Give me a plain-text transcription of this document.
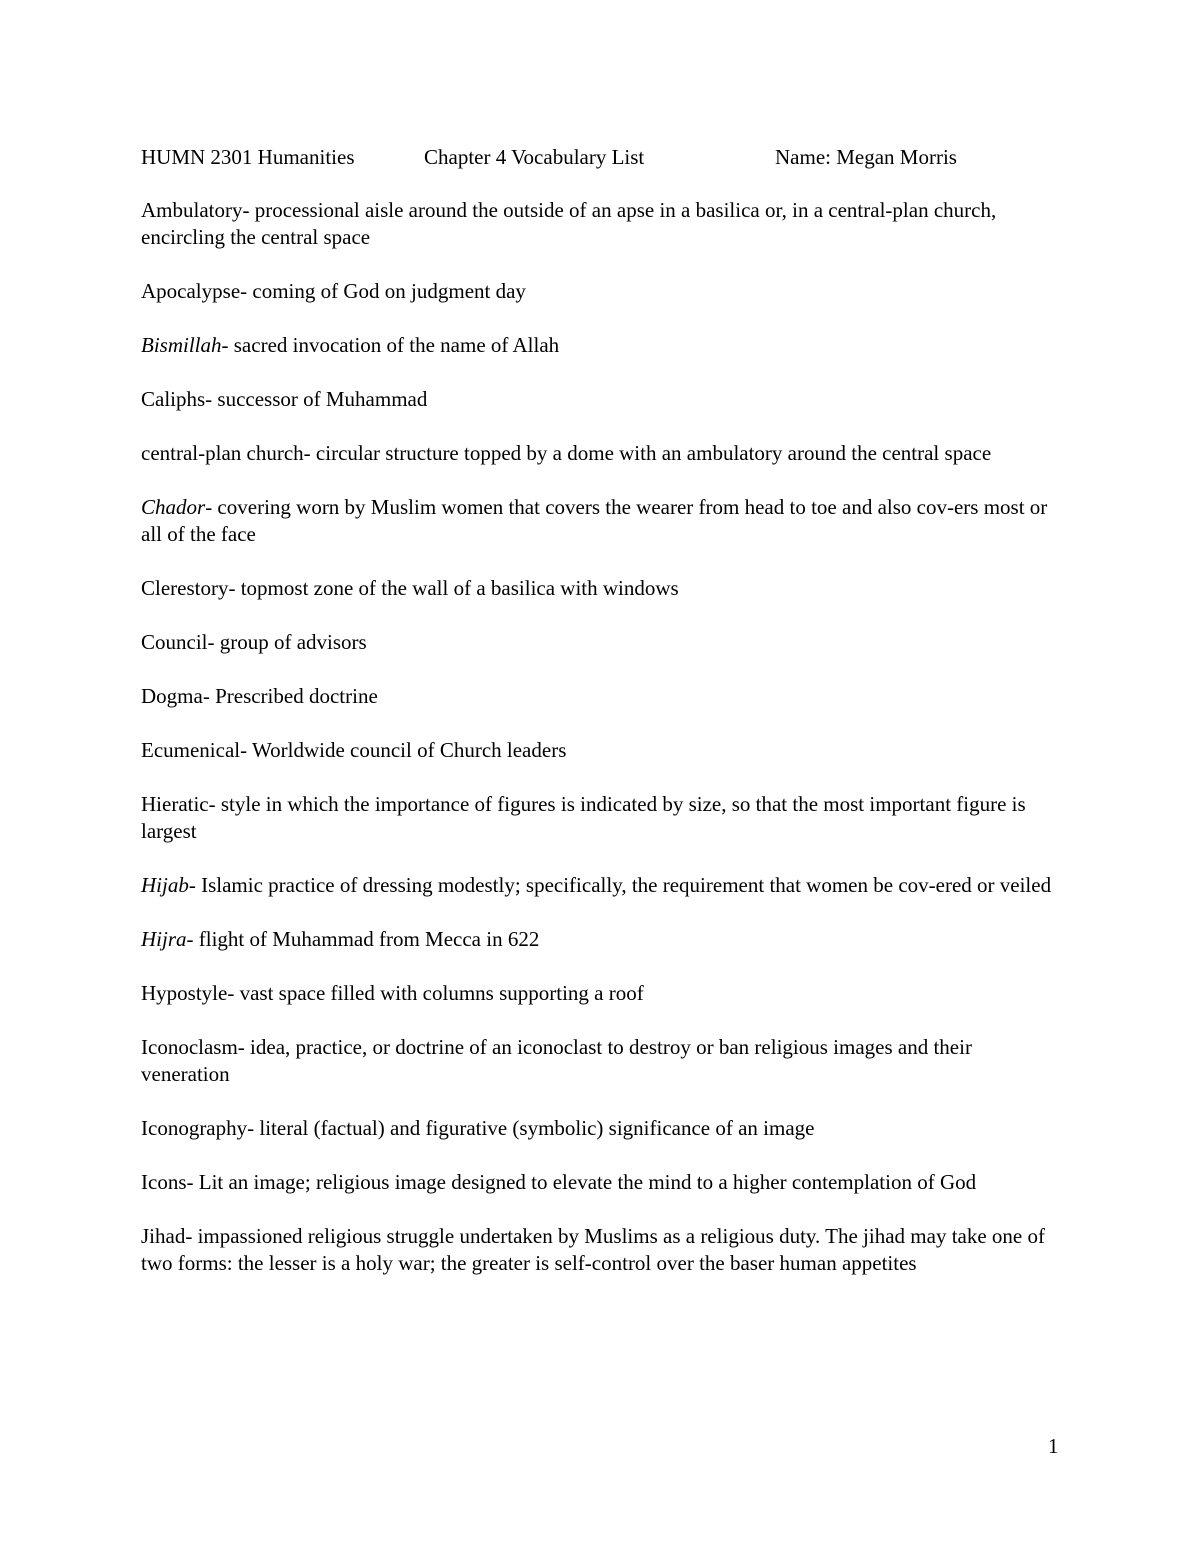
HUMN 2301 Humanities	Chapter 4 Vocabulary List	Name: Megan Morris

Ambulatory- processional aisle around the outside of an apse in a basilica or, in a central-plan church, encircling the central space

Apocalypse- coming of God on judgment day

Bismillah- sacred invocation of the name of Allah

Caliphs- successor of Muhammad

central-plan church- circular structure topped by a dome with an ambulatory around the central space

Chador- covering worn by Muslim women that covers the wearer from head to toe and also cov-ers most or all of the face

Clerestory- topmost zone of the wall of a basilica with windows

Council- group of advisors

Dogma- Prescribed doctrine

Ecumenical- Worldwide council of Church leaders

Hieratic- style in which the importance of figures is indicated by size, so that the most important figure is largest

Hijab- Islamic practice of dressing modestly; specifically, the requirement that women be cov-ered or veiled

Hijra- flight of Muhammad from Mecca in 622

Hypostyle- vast space filled with columns supporting a roof

Iconoclasm- idea, practice, or doctrine of an iconoclast to destroy or ban religious images and their veneration

Iconography- literal (factual) and figurative (symbolic) significance of an image

Icons- Lit an image; religious image designed to elevate the mind to a higher contemplation of God

Jihad- impassioned religious struggle undertaken by Muslims as a religious duty. The jihad may take one of two forms: the lesser is a holy war; the greater is self-control over the baser human appetites

1
